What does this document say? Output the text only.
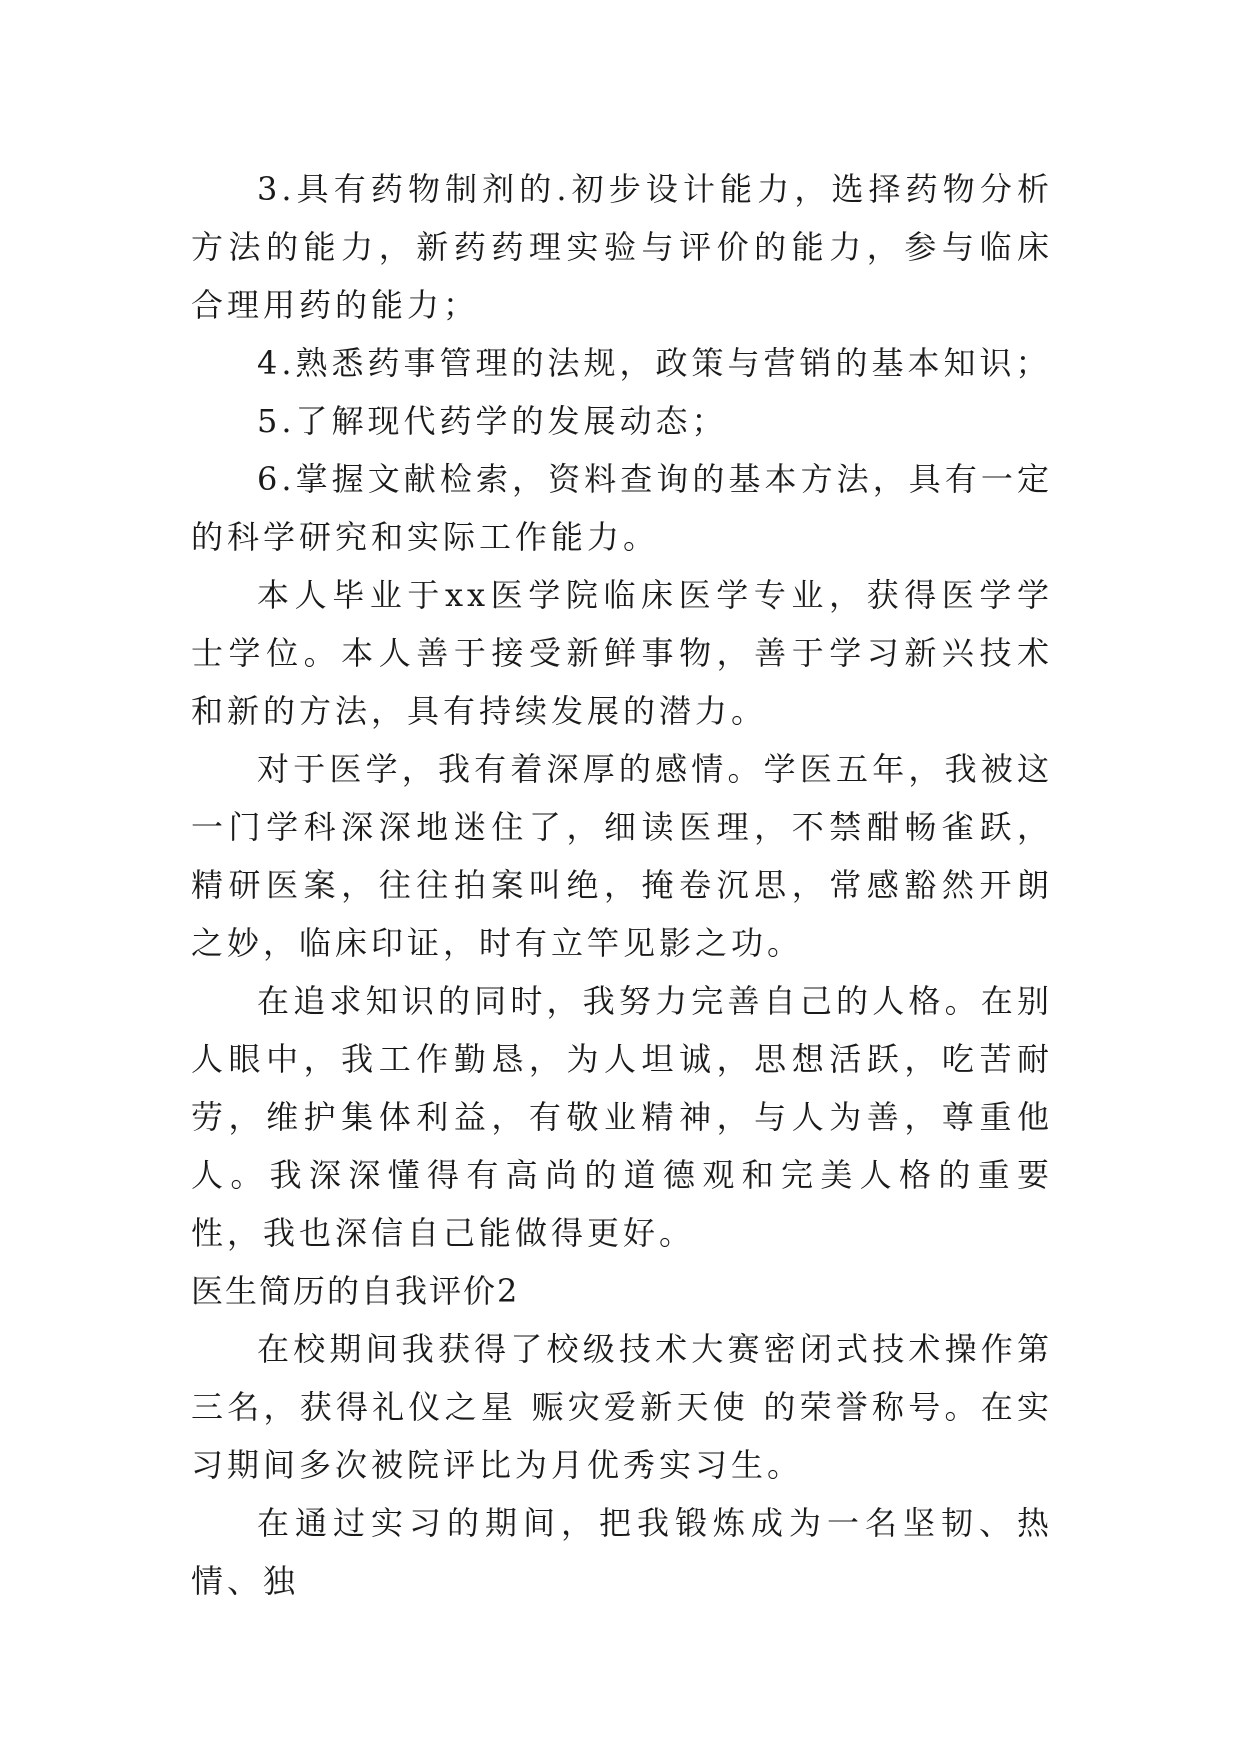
3.具有药物制剂的.初步设计能力，选择药物分析方法的能力，新药药理实验与评价的能力，参与临床合理用药的能力；

4.熟悉药事管理的法规，政策与营销的基本知识；

5.了解现代药学的发展动态；

6.掌握文献检索，资料查询的基本方法，具有一定的科学研究和实际工作能力。

本人毕业于xx医学院临床医学专业，获得医学学士学位。本人善于接受新鲜事物，善于学习新兴技术和新的方法，具有持续发展的潜力。

对于医学，我有着深厚的感情。学医五年，我被这一门学科深深地迷住了，细读医理，不禁酣畅雀跃，精研医案，往往拍案叫绝，掩卷沉思，常感豁然开朗之妙，临床印证，时有立竿见影之功。

在追求知识的同时，我努力完善自己的人格。在别人眼中，我工作勤恳，为人坦诚，思想活跃，吃苦耐劳，维护集体利益，有敬业精神，与人为善，尊重他人。我深深懂得有高尚的道德观和完美人格的重要性，我也深信自己能做得更好。

医生简历的自我评价2

在校期间我获得了校级技术大赛密闭式技术操作第三名，获得礼仪之星 赈灾爱新天使 的荣誉称号。在实习期间多次被院评比为月优秀实习生。

在通过实习的期间，把我锻炼成为一名坚韧、热情、独
